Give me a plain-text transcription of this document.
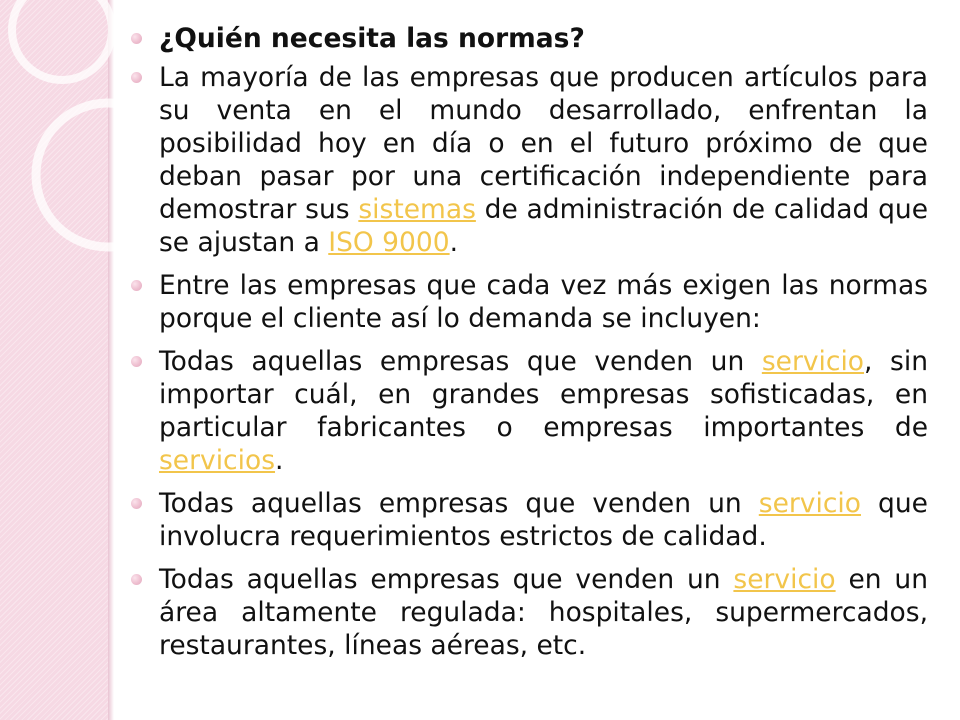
¿Quién necesita las normas?
La mayoría de las empresas que producen artículos para su venta en el mundo desarrollado, enfrentan la posibilidad hoy en día o en el futuro próximo de que deban pasar por una certificación independiente para demostrar sus sistemas de administración de calidad que se ajustan a ISO 9000.
Entre las empresas que cada vez más exigen las normas porque el cliente así lo demanda se incluyen:
Todas aquellas empresas que venden un servicio, sin importar cuál, en grandes empresas sofisticadas, en particular fabricantes o empresas importantes de servicios.
Todas aquellas empresas que venden un servicio que involucra requerimientos estrictos de calidad.
Todas aquellas empresas que venden un servicio en un área altamente regulada: hospitales, supermercados, restaurantes, líneas aéreas, etc.
